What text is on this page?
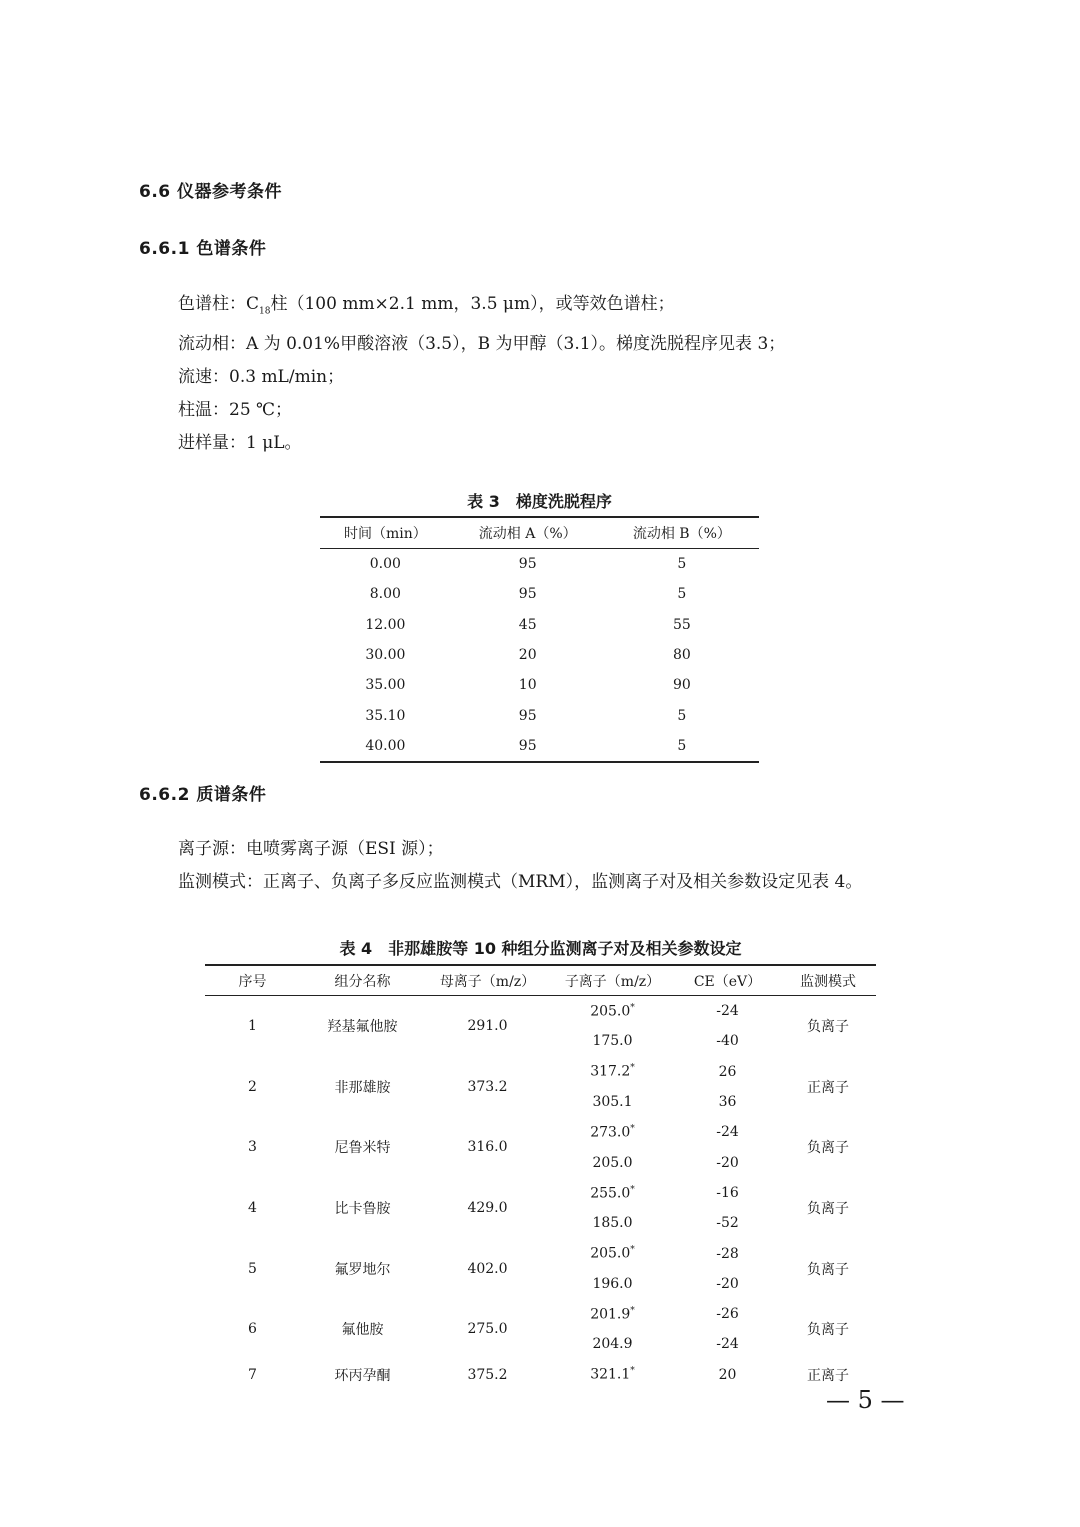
6.6 仪器参考条件
6.6.1 色谱条件
色谱柱：$C_{18}$柱（100 mm×2.1 mm，3.5 μm），或等效色谱柱；
流动相：A 为 0.01%甲酸溶液（3.5），B 为甲醇（3.1）。梯度洗脱程序见表 3；
流速：0.3 mL/min；
柱温：25 ℃；
进样量：1 μL。
表 3　梯度洗脱程序
时间（min）	流动相 A（%）	流动相 B（%）
0.00	95	5
8.00	95	5
12.00	45	55
30.00	20	80
35.00	10	90
35.10	95	5
40.00	95	5
6.6.2 质谱条件
离子源：电喷雾离子源（ESI 源）；
监测模式：正离子、负离子多反应监测模式（MRM），监测离子对及相关参数设定见表 4。
表 4　非那雄胺等 10 种组分监测离子对及相关参数设定
序号	组分名称	母离子（m/z）	子离子（m/z）	CE（eV）	监测模式
1	羟基氟他胺	291.0	205.0*	-24	负离子
			175.0	-40	
2	非那雄胺	373.2	317.2*	26	正离子
			305.1	36	
3	尼鲁米特	316.0	273.0*	-24	负离子
			205.0	-20	
4	比卡鲁胺	429.0	255.0*	-16	负离子
			185.0	-52	
5	氟罗地尔	402.0	205.0*	-28	负离子
			196.0	-20	
6	氟他胺	275.0	201.9*	-26	负离子
			204.9	-24	
7	环丙孕酮	375.2	321.1*	20	正离子
— 5 —
